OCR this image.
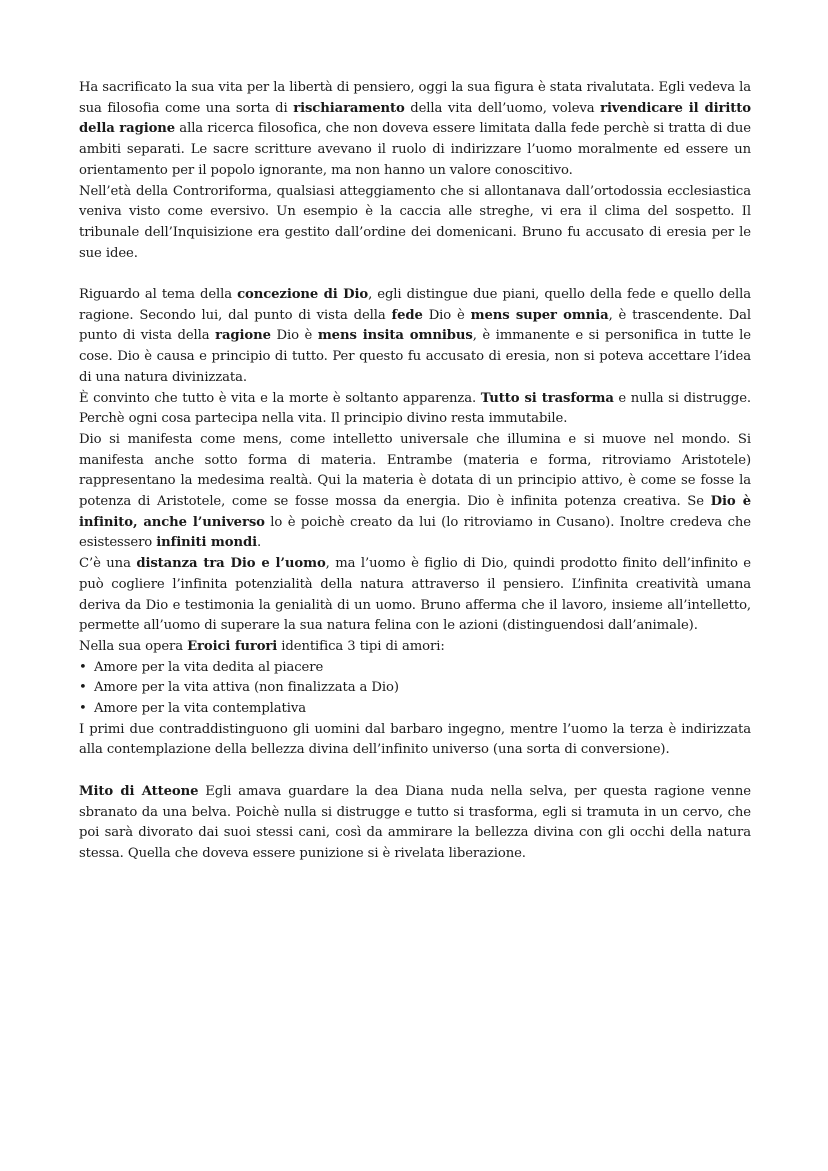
Ha sacrificato la sua vita per la libertà di pensiero, oggi la sua figura è stata rivalutata. Egli vedeva la sua filosofia come una sorta di rischiaramento della vita dell’uomo, voleva rivendicare il diritto della ragione alla ricerca filosofica, che non doveva essere limitata dalla fede perchè si tratta di due ambiti separati. Le sacre scritture avevano il ruolo di indirizzare l’uomo moralmente ed essere un orientamento per il popolo ignorante, ma non hanno un valore conoscitivo.

Nell’età della Controriforma, qualsiasi atteggiamento che si allontanava dall’ortodossia ecclesiastica veniva visto come eversivo. Un esempio è la caccia alle streghe, vi era il clima del sospetto. Il tribunale dell’Inquisizione era gestito dall’ordine dei domenicani. Bruno fu accusato di eresia per le sue idee.

Riguardo al tema della concezione di Dio, egli distingue due piani, quello della fede e quello della ragione. Secondo lui, dal punto di vista della fede Dio è mens super omnia, è trascendente. Dal punto di vista della ragione Dio è mens insita omnibus, è immanente e si personifica in tutte le cose. Dio è causa e principio di tutto. Per questo fu accusato di eresia, non si poteva accettare l’idea di una natura divinizzata.

È convinto che tutto è vita e la morte è soltanto apparenza. Tutto si trasforma e nulla si distrugge. Perchè ogni cosa partecipa nella vita. Il principio divino resta immutabile.

Dio si manifesta come mens, come intelletto universale che illumina e si muove nel mondo. Si manifesta anche sotto forma di materia. Entrambe (materia e forma, ritroviamo Aristotele) rappresentano la medesima realtà. Qui la materia è dotata di un principio attivo, è come se fosse la potenza di Aristotele, come se fosse mossa da energia. Dio è infinita potenza creativa. Se Dio è infinito, anche l’universo lo è poichè creato da lui (lo ritroviamo in Cusano). Inoltre credeva che esistessero infiniti mondi.

C’è una distanza tra Dio e l’uomo, ma l’uomo è figlio di Dio, quindi prodotto finito dell’infinito e può cogliere l’infinita potenzialità della natura attraverso il pensiero. L’infinita creatività umana deriva da Dio e testimonia la genialità di un uomo. Bruno afferma che il lavoro, insieme all’intelletto, permette all’uomo di superare la sua natura felina con le azioni (distinguendosi dall’animale).

Nella sua opera Eroici furori identifica 3 tipi di amori:

• Amore per la vita dedita al piacere
• Amore per la vita attiva (non finalizzata a Dio)
• Amore per la vita contemplativa

I primi due contraddistinguono gli uomini dal barbaro ingegno, mentre l’uomo la terza è indirizzata alla contemplazione della bellezza divina dell’infinito universo (una sorta di conversione).

Mito di Atteone Egli amava guardare la dea Diana nuda nella selva, per questa ragione venne sbranato da una belva. Poichè nulla si distrugge e tutto si trasforma, egli si tramuta in un cervo, che poi sarà divorato dai suoi stessi cani, così da ammirare la bellezza divina con gli occhi della natura stessa. Quella che doveva essere punizione si è rivelata liberazione.
